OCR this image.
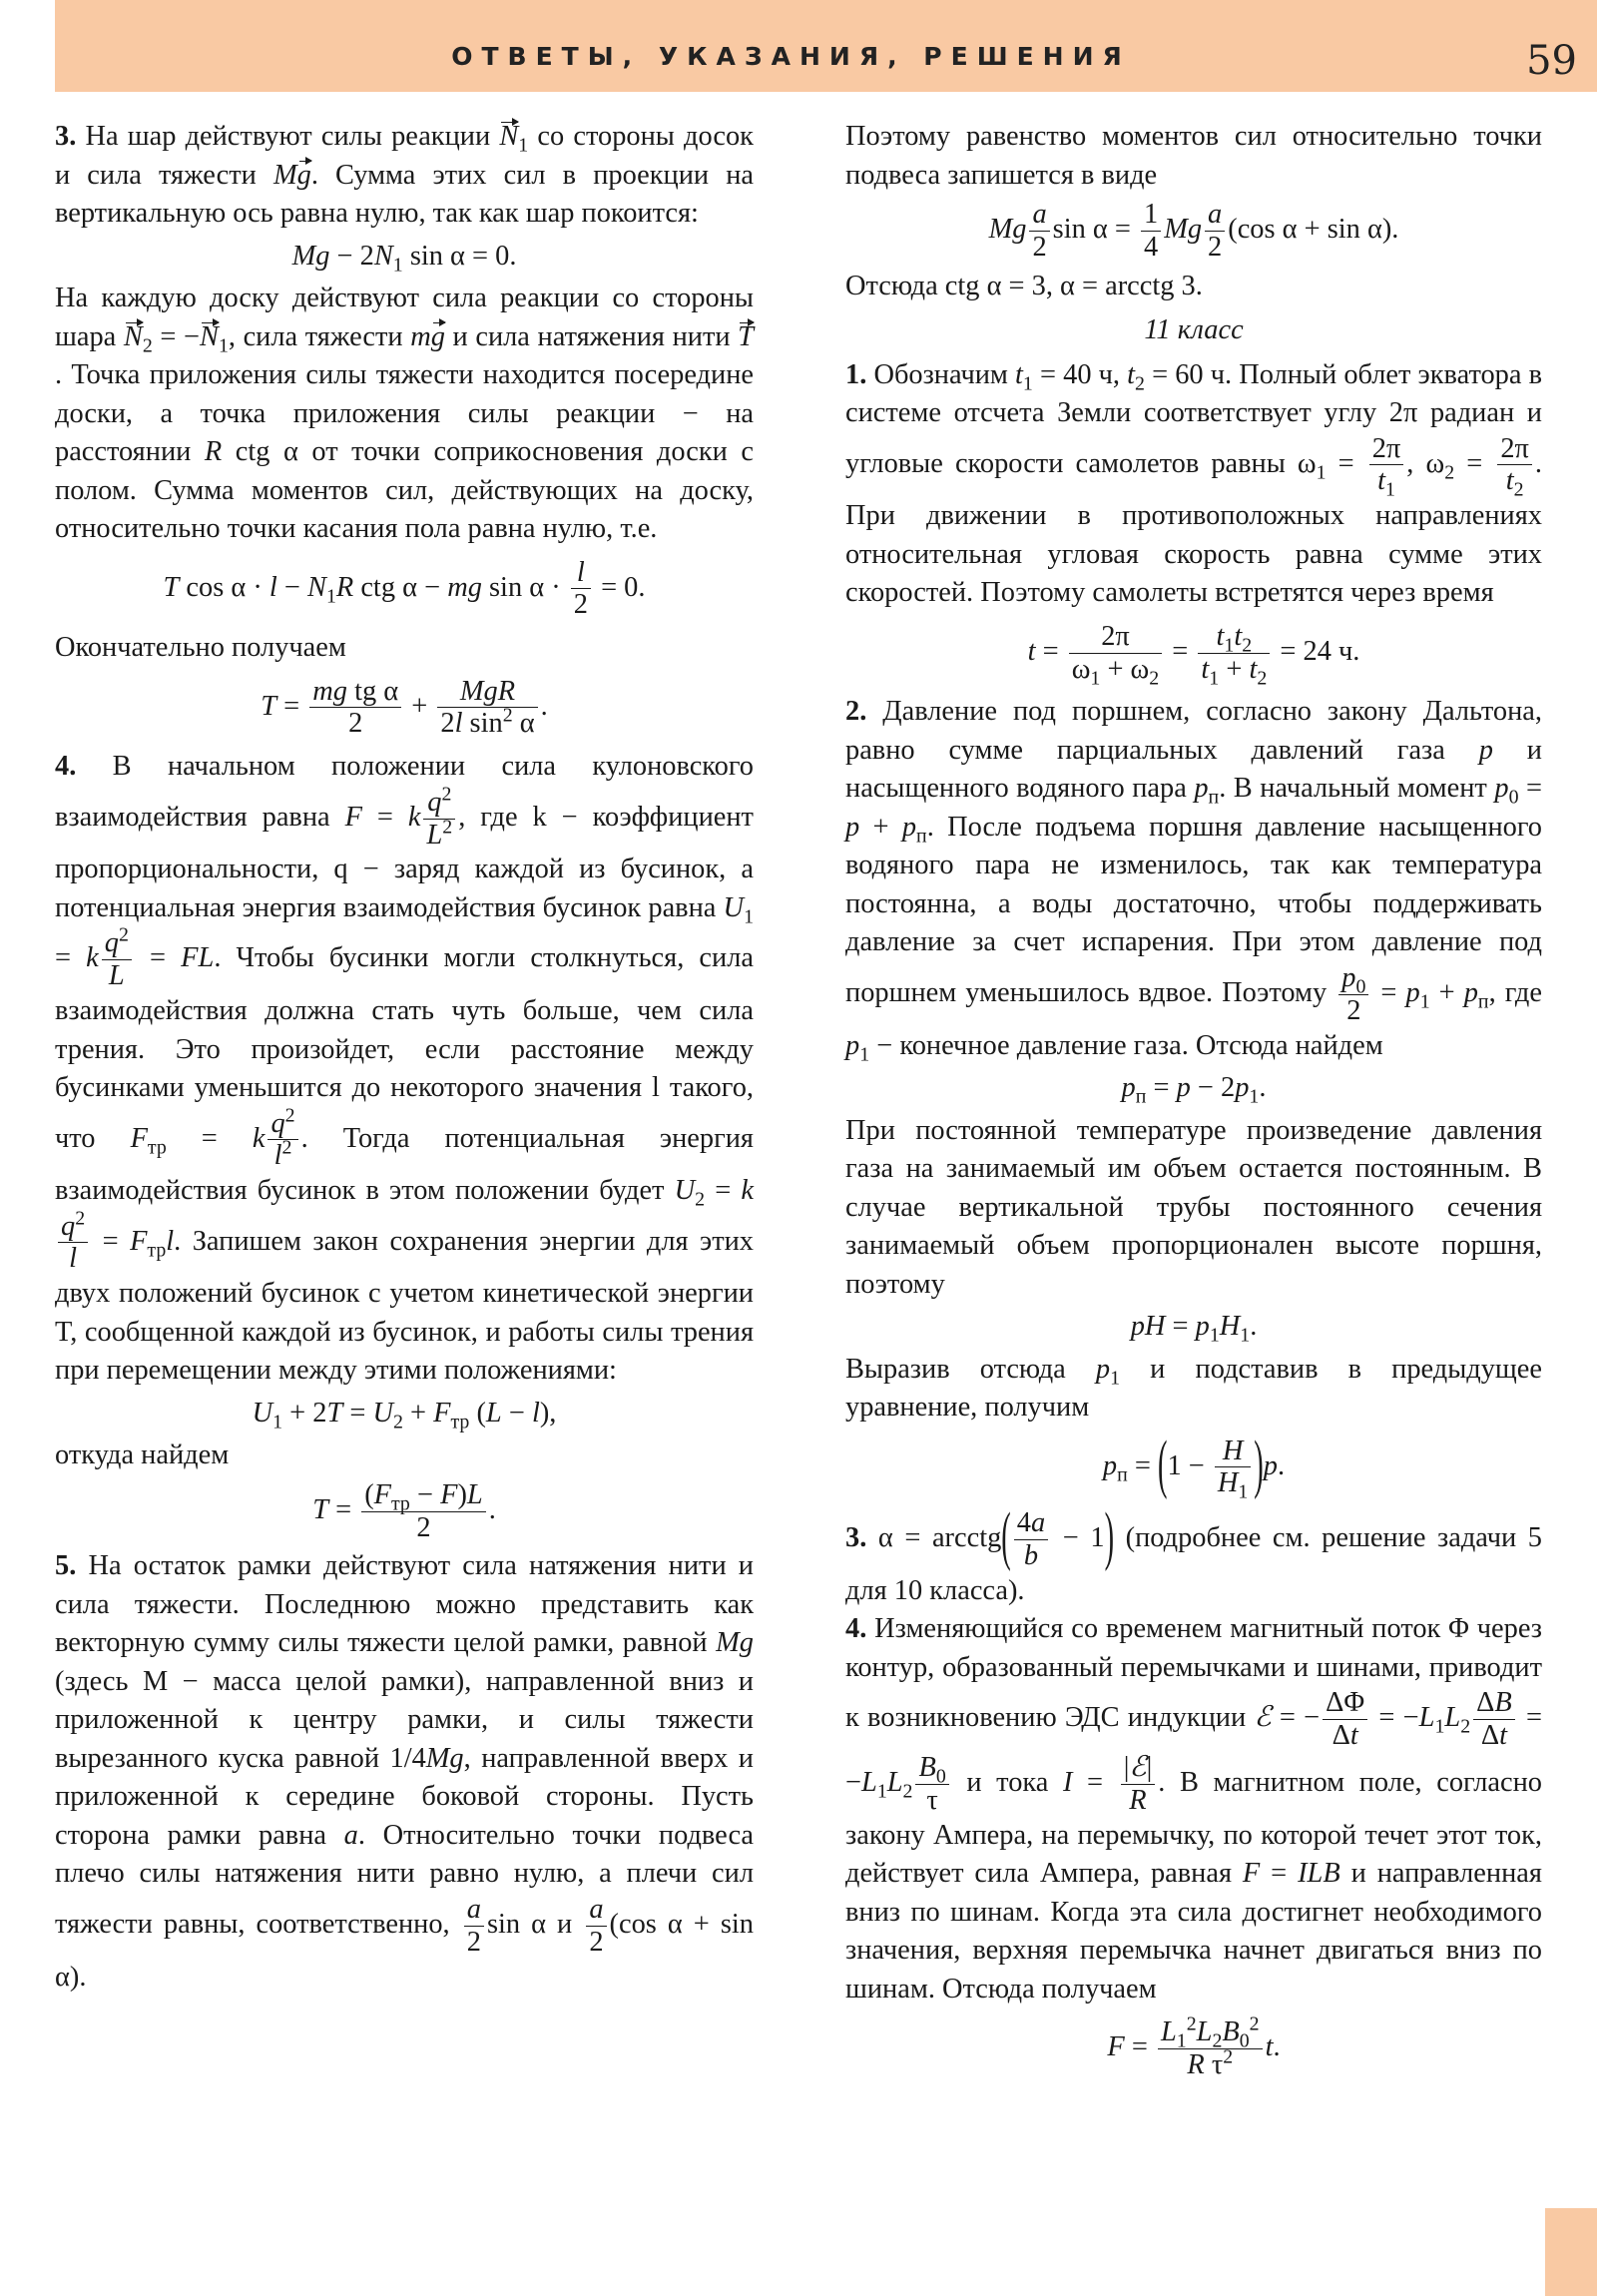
ОТВЕТЫ, УКАЗАНИЯ, РЕШЕНИЯ	59

3. На шар действуют силы реакции $N_1$ со стороны досок и сила тяжести Mg. Сумма этих сил в проекции на вертикальную ось равна нулю, так как шар покоится:

$Mg - 2N_1$ sin α = 0.

На каждую доску действуют сила реакции со стороны шара $N_2 = -N_1$, сила тяжести mg и сила натяжения нити T. Точка приложения силы тяжести находится посередине доски, а точка приложения силы реакции − на расстоянии R ctg α от точки соприкосновения доски с полом. Сумма моментов сил, действующих на доску, относительно точки касания пола равна нулю, т.е.

T $\cos \alpha \cdot l - N_1R$ ctg α − mg $\sin \alpha \cdot \frac{l}{2} = 0$.

Окончательно получаем

$T = \frac{\text{mg tg α}}{2} + \frac{\text{MgR}}{2l \sin^2 \alpha}$ .

4. В начальном положении сила кулоновского взаимодействия равна F = k $\frac{q^2}{L^2}$ , где k − коэффициент пропорциональности, q − заряд каждой из бусинок, а потенциальная энергия взаимодействия бусинок равна $U_1 = k \frac{q^2}{L}$ = FL. Чтобы бусинки могли столкнуться, сила взаимодействия должна стать чуть больше, чем сила трения. Это произойдет, если расстояние между бусинками уменьшится до некоторого значения l такого, что $F_{тр} = k \frac{q^2}{l^2}$ . Тогда потенциальная энергия взаимодействия бусинок в этом положении будет $U_2 = k$
$\frac{q^2}{l} = F_{тр}l$. Запишем закон сохранения энергии для этих двух положений бусинок с учетом кинетической энергии T, сообщенной каждой из бусинок, и работы силы трения при перемещении между этими положениями:

$U_1 + 2T = U_2 + F_{тр}$ (L − l),

откуда найдем

$T = \frac{(F_{тр} - F)L}{2}$ .

5. На остаток рамки действуют сила натяжения нити и сила тяжести. Последнюю можно представить как векторную сумму силы тяжести целой рамки, равной Mg (здесь M − масса целой рамки), направленной вниз и приложенной к центру рамки, и силы тяжести вырезанного куска равной 1/4Mg, направленной вверх и приложенной к середине боковой стороны. Пусть сторона рамки равна a. Относительно точки подвеса плечо силы натяжения нити равно нулю, а плечи сил тяжести равны, соответственно, $\frac{a}{2}$ sin α и $\frac{a}{2} (\cos$ α + sin α).

Поэтому равенство моментов сил относительно точки подвеса запишется в виде

Mg $\frac{a}{2}$ $\sin \alpha = \frac{1}{4}$ Mg $\frac{a}{2} (\cos$ α + sin α).

Отсюда ctg α = 3, α = arcctg 3.

11 класс

1. Обозначим $t_1 = 40$ ч, $t_2 = 60$ ч. Полный облет экватора в системе отсчета Земли соответствует углу 2π радиан и угловые скорости самолетов равны $\omega_1 = \frac{2\pi}{t_1}$ , $\omega_2 = \frac{2\pi}{t_2}$ . При движении в противоположных направлениях относительная угловая скорость равна сумме этих скоростей. Поэтому самолеты встретятся через время

$t = \frac{2\pi}{\omega_1 + \omega_2} = \frac{t_1t_2}{t_1 + t_2} = 24$ ч.

2. Давление под поршнем, согласно закону Дальтона, равно сумме парциальных давлений газа p и насыщенного водяного пара $p_п$. В начальный момент $p_0 = p + p_п$. После подъема поршня давление насыщенного водяного пара не изменилось, так как температура постоянна, а воды достаточно, чтобы поддерживать давление за счет испарения. При этом давление под поршнем уменьшилось вдвое. Поэтому $\frac{p_0}{2} = p_1 + p_п$, где $p_1$ − конечное давление газа. Отсюда найдем

$p_п = p - 2p_1$.

При постоянной температуре произведение давления газа на занимаемый им объем остается постоянным. В случае вертикальной трубы постоянного сечения занимаемый объем пропорционален высоте поршня, поэтому

pH = $p_1H_1$.

Выразив отсюда $p_1$ и подставив в предыдущее уравнение, получим

$p_п = (1 - \frac{H}{H_1} )p$.

3. α = arcctg( $\frac{4a}{b} - 1$) (подробнее см. решение задачи 5 для 10 класса).

4. Изменяющийся со временем магнитный поток Φ через контур, образованный перемычками и шинами, приводит к возникновению ЭДС индукции ℰ = − $\frac{\Delta\Phi}{\Delta t} = -L_1L_2 \frac{\Delta B}{\Delta t} = -L_1L_2 \frac{B_0}{\tau}$ и тока $I = \frac{\text{|ℰ|}}{R}$ . В магнитном поле, согласно закону Ампера, на перемычку, по которой течет этот ток, действует сила Ампера, равная F = ILB и направленная вниз по шинам. Когда эта сила достигнет необходимого значения, верхняя перемычка начнет двигаться вниз по шинам. Отсюда получаем

$F = \frac{L_1^2L_2B_0^2}{R \tau^2} t$.
